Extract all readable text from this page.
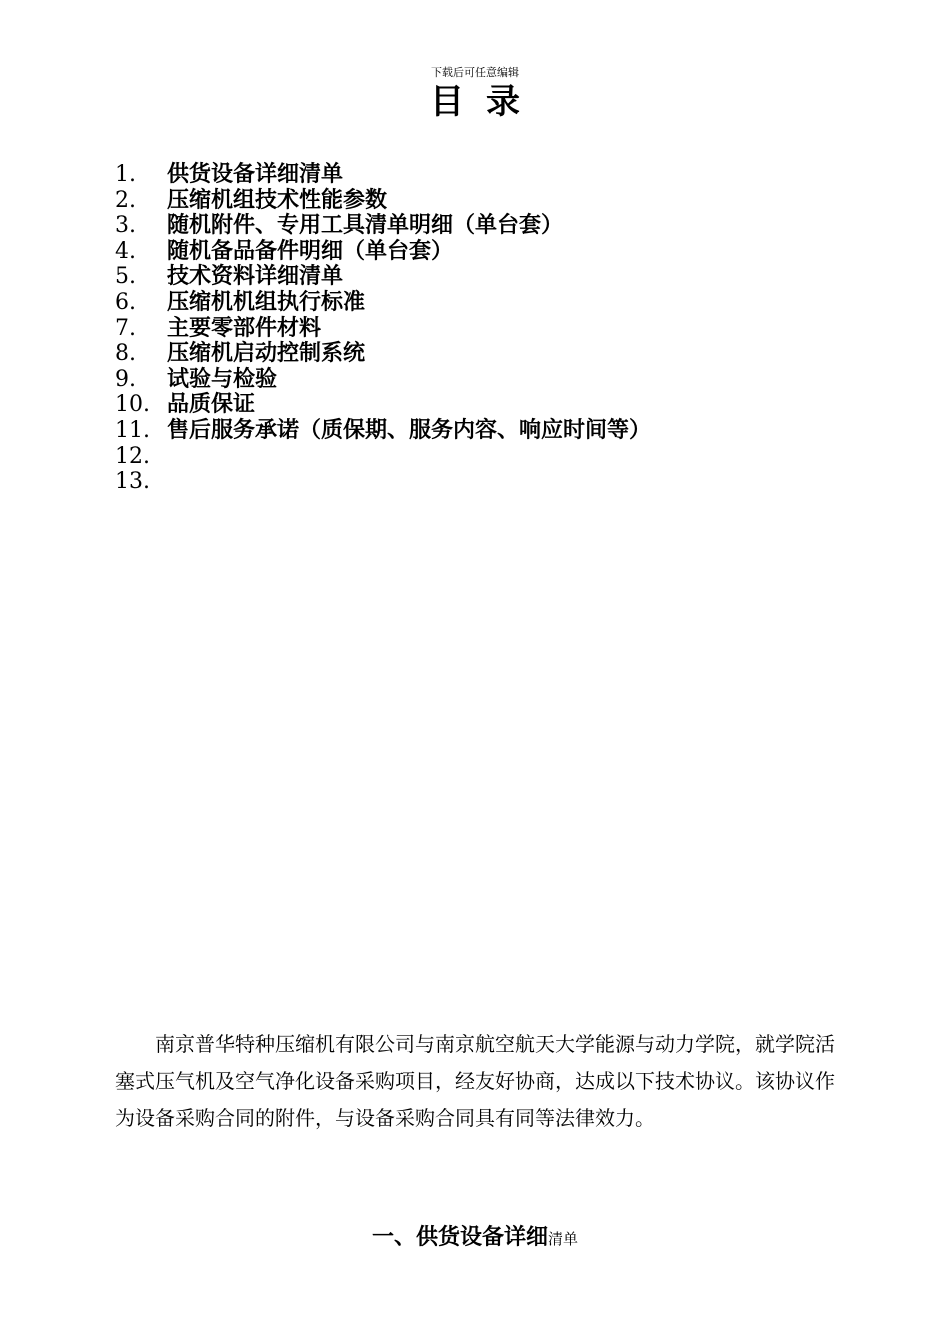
下载后可任意编辑
目录
1.	供货设备详细清单
2.	压缩机组技术性能参数
3.	随机附件、专用工具清单明细（单台套）
4.	随机备品备件明细（单台套）
5.	技术资料详细清单
6.	压缩机机组执行标准
7.	主要零部件材料
8.	压缩机启动控制系统
9.	试验与检验
10. 品质保证
11. 售后服务承诺（质保期、服务内容、响应时间等）
12.
13.

南京普华特种压缩机有限公司与南京航空航天大学能源与动力学院，就学院活塞式压气机及空气净化设备采购项目，经友好协商，达成以下技术协议。该协议作为设备采购合同的附件，与设备采购合同具有同等法律效力。

一、供货设备详细清单
